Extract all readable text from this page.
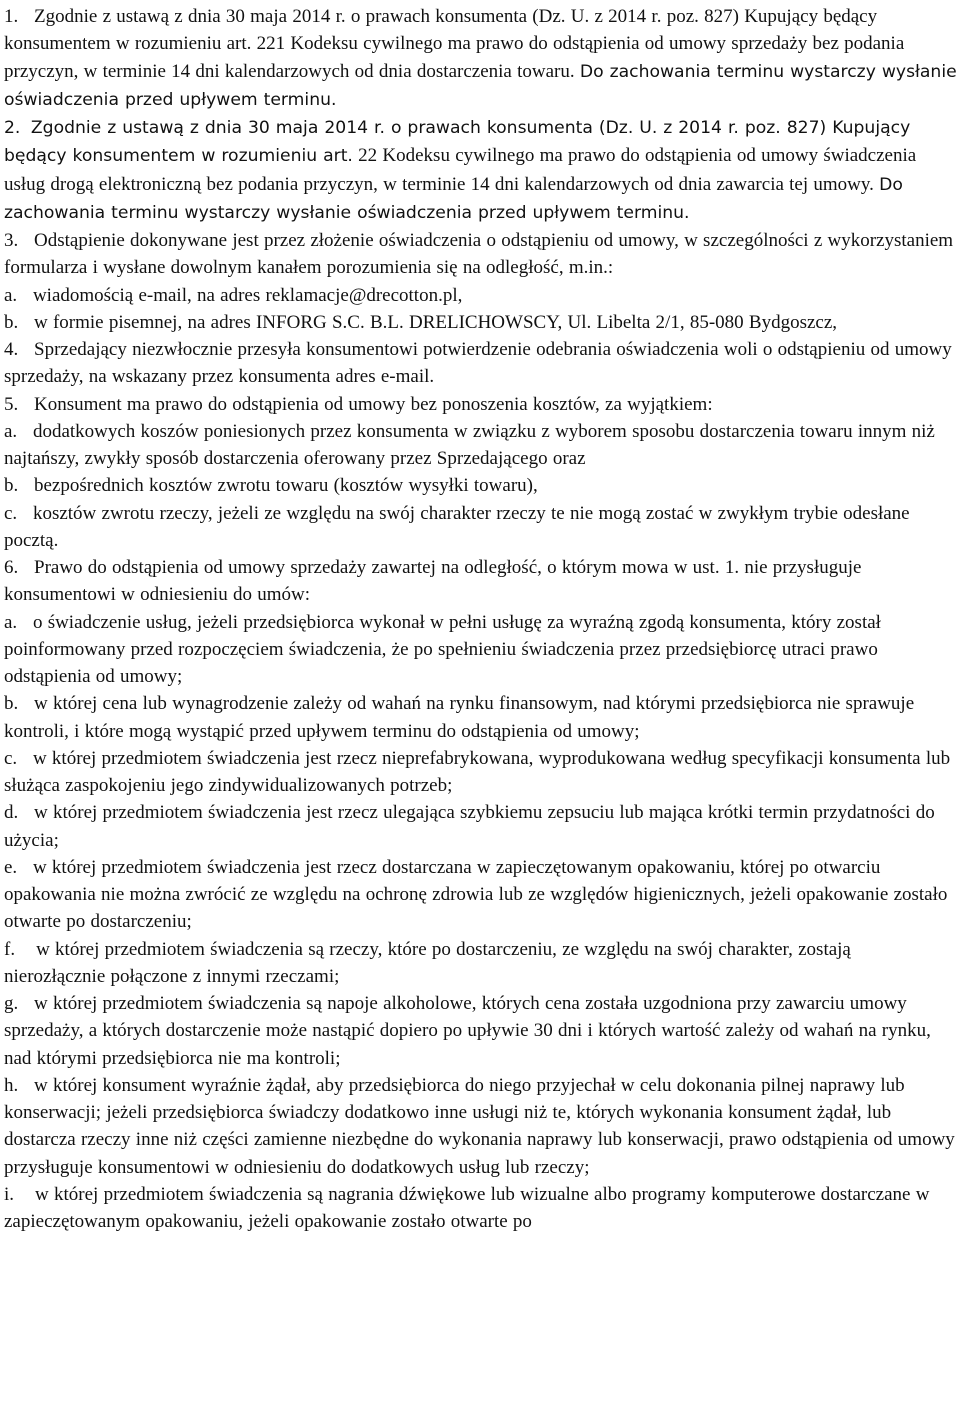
1. Zgodnie z ustawą z dnia 30 maja 2014 r. o prawach konsumenta (Dz. U. z 2014 r. poz. 827) Kupujący będący konsumentem w rozumieniu art. 221 Kodeksu cywilnego ma prawo do odstąpienia od umowy sprzedaży bez podania przyczyn, w terminie 14 dni kalendarzowych od dnia dostarczenia towaru. Do zachowania terminu wystarczy wysłanie oświadczenia przed upływem terminu.

2. Zgodnie z ustawą z dnia 30 maja 2014 r. o prawach konsumenta (Dz. U. z 2014 r. poz. 827) Kupujący będący konsumentem w rozumieniu art. 22 Kodeksu cywilnego ma prawo do odstąpienia od umowy świadczenia usług drogą elektroniczną bez podania przyczyn, w terminie 14 dni kalendarzowych od dnia zawarcia tej umowy. Do zachowania terminu wystarczy wysłanie oświadczenia przed upływem terminu.

3. Odstąpienie dokonywane jest przez złożenie oświadczenia o odstąpieniu od umowy, w szczególności z wykorzystaniem formularza i wysłane dowolnym kanałem porozumienia się na odległość, m.in.:

a. wiadomością e-mail, na adres reklamacje@drecotton.pl,

b. w formie pisemnej, na adres INFORG S.C. B.L. DRELICHOWSCY, Ul. Libelta 2/1, 85-080 Bydgoszcz,

4. Sprzedający niezwłocznie przesyła konsumentowi potwierdzenie odebrania oświadczenia woli o odstąpieniu od umowy sprzedaży, na wskazany przez konsumenta adres e-mail.

5. Konsument ma prawo do odstąpienia od umowy bez ponoszenia kosztów, za wyjątkiem:

a. dodatkowych koszów poniesionych przez konsumenta w związku z wyborem sposobu dostarczenia towaru innym niż najtańszy, zwykły sposób dostarczenia oferowany przez Sprzedającego oraz

b. bezpośrednich kosztów zwrotu towaru (kosztów wysyłki towaru),

c. kosztów zwrotu rzeczy, jeżeli ze względu na swój charakter rzeczy te nie mogą zostać w zwykłym trybie odesłane pocztą.

6. Prawo do odstąpienia od umowy sprzedaży zawartej na odległość, o którym mowa w ust. 1. nie przysługuje konsumentowi w odniesieniu do umów:

a. o świadczenie usług, jeżeli przedsiębiorca wykonał w pełni usługę za wyraźną zgodą konsumenta, który został poinformowany przed rozpoczęciem świadczenia, że po spełnieniu świadczenia przez przedsiębiorcę utraci prawo odstąpienia od umowy;

b. w której cena lub wynagrodzenie zależy od wahań na rynku finansowym, nad którymi przedsiębiorca nie sprawuje kontroli, i które mogą wystąpić przed upływem terminu do odstąpienia od umowy;

c. w której przedmiotem świadczenia jest rzecz nieprefabrykowana, wyprodukowana według specyfikacji konsumenta lub służąca zaspokojeniu jego zindywidualizowanych potrzeb;

d. w której przedmiotem świadczenia jest rzecz ulegająca szybkiemu zepsuciu lub mająca krótki termin przydatności do użycia;

e. w której przedmiotem świadczenia jest rzecz dostarczana w zapieczętowanym opakowaniu, której po otwarciu opakowania nie można zwrócić ze względu na ochronę zdrowia lub ze względów higienicznych, jeżeli opakowanie zostało otwarte po dostarczeniu;

f. w której przedmiotem świadczenia są rzeczy, które po dostarczeniu, ze względu na swój charakter, zostają nierozłącznie połączone z innymi rzeczami;

g. w której przedmiotem świadczenia są napoje alkoholowe, których cena została uzgodniona przy zawarciu umowy sprzedaży, a których dostarczenie może nastąpić dopiero po upływie 30 dni i których wartość zależy od wahań na rynku, nad którymi przedsiębiorca nie ma kontroli;

h. w której konsument wyraźnie żądał, aby przedsiębiorca do niego przyjechał w celu dokonania pilnej naprawy lub konserwacji; jeżeli przedsiębiorca świadczy dodatkowo inne usługi niż te, których wykonania konsument żądał, lub dostarcza rzeczy inne niż części zamienne niezbędne do wykonania naprawy lub konserwacji, prawo odstąpienia od umowy przysługuje konsumentowi w odniesieniu do dodatkowych usług lub rzeczy;

i. w której przedmiotem świadczenia są nagrania dźwiękowe lub wizualne albo programy komputerowe dostarczane w zapieczętowanym opakowaniu, jeżeli opakowanie zostało otwarte po
